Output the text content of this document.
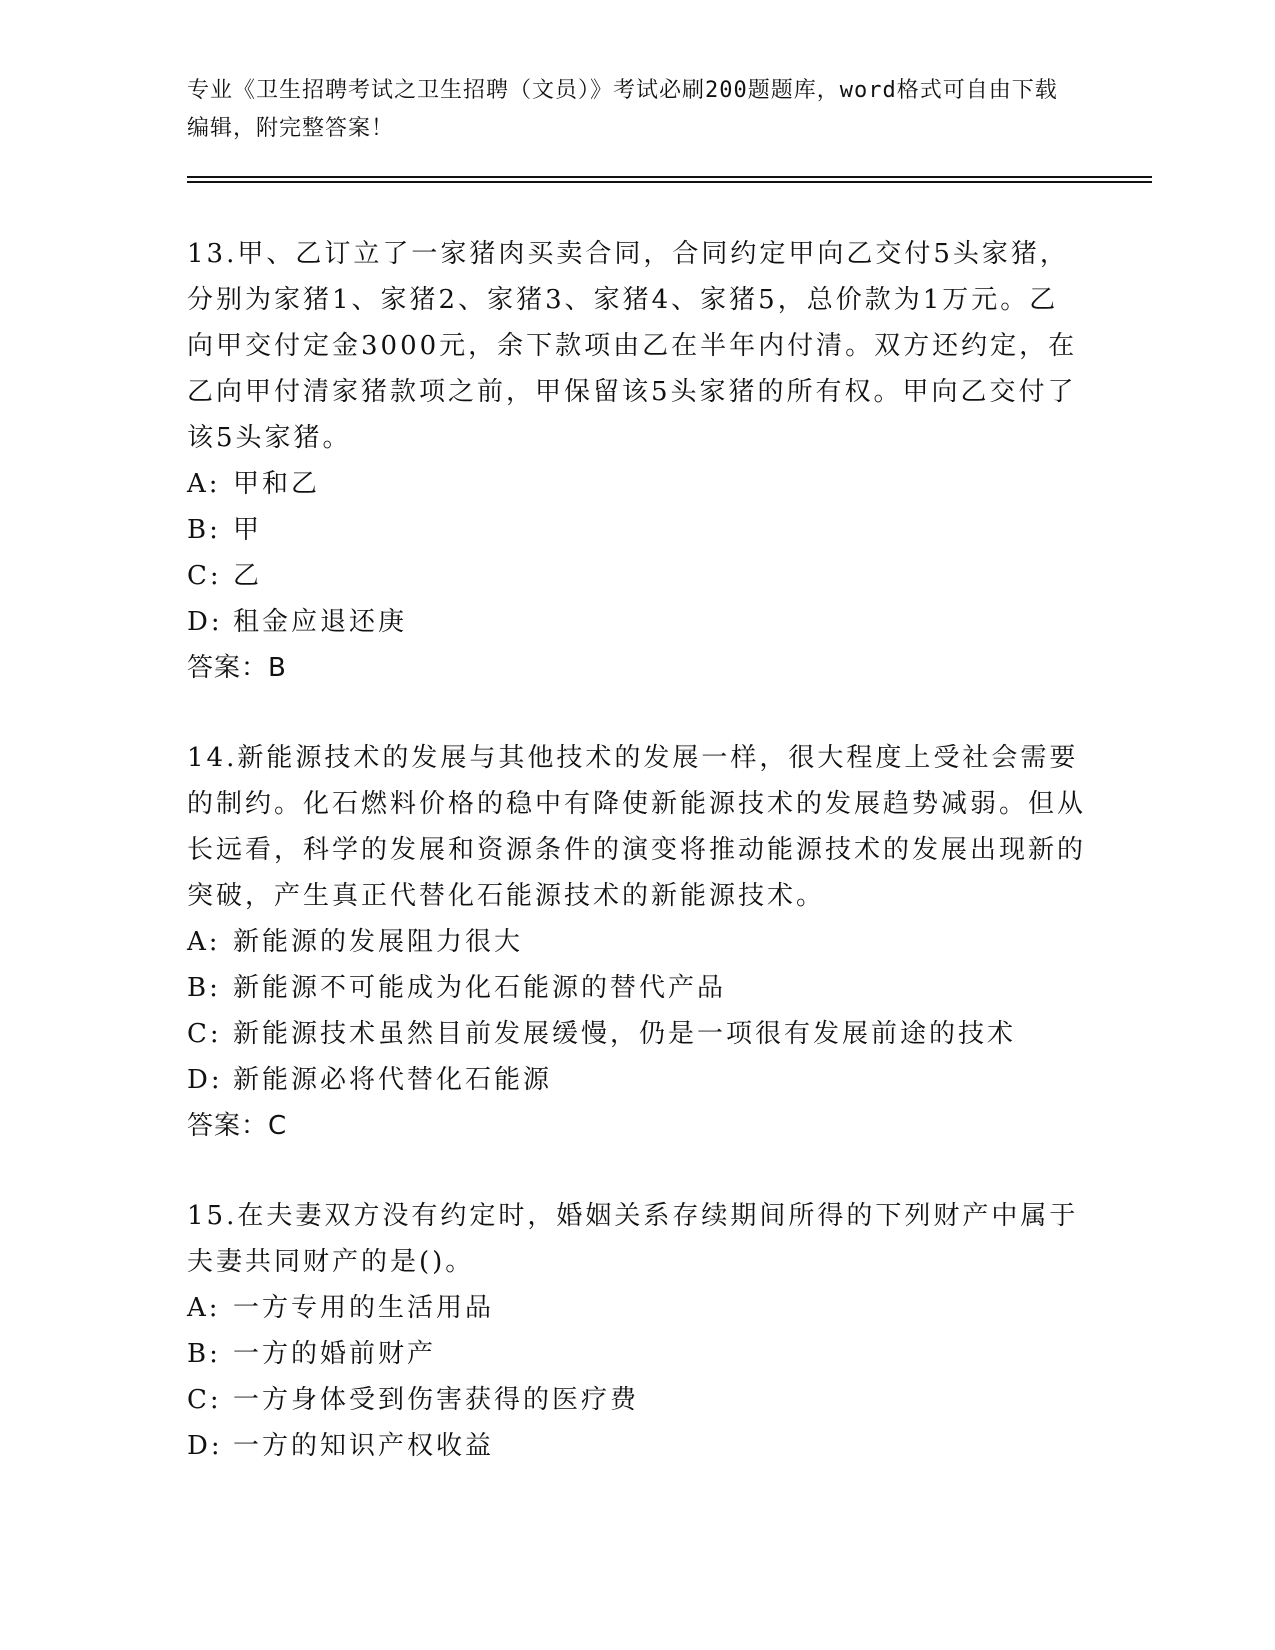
专业《卫生招聘考试之卫生招聘（文员）》考试必刷200题题库，word格式可自由下载编辑，附完整答案！

13.甲、乙订立了一家猪肉买卖合同，合同约定甲向乙交付5头家猪，分别为家猪1、家猪2、家猪3、家猪4、家猪5，总价款为1万元。乙向甲交付定金3000元，余下款项由乙在半年内付清。双方还约定，在乙向甲付清家猪款项之前，甲保留该5头家猪的所有权。甲向乙交付了该5头家猪。

A: 甲和乙

B: 甲

C: 乙

D: 租金应退还庚

答案：B

14.新能源技术的发展与其他技术的发展一样，很大程度上受社会需要的制约。化石燃料价格的稳中有降使新能源技术的发展趋势减弱。但从长远看，科学的发展和资源条件的演变将推动能源技术的发展出现新的突破，产生真正代替化石能源技术的新能源技术。

A: 新能源的发展阻力很大

B: 新能源不可能成为化石能源的替代产品

C: 新能源技术虽然目前发展缓慢，仍是一项很有发展前途的技术

D: 新能源必将代替化石能源

答案：C

15.在夫妻双方没有约定时，婚姻关系存续期间所得的下列财产中属于夫妻共同财产的是()。

A: 一方专用的生活用品

B: 一方的婚前财产

C: 一方身体受到伤害获得的医疗费

D: 一方的知识产权收益
